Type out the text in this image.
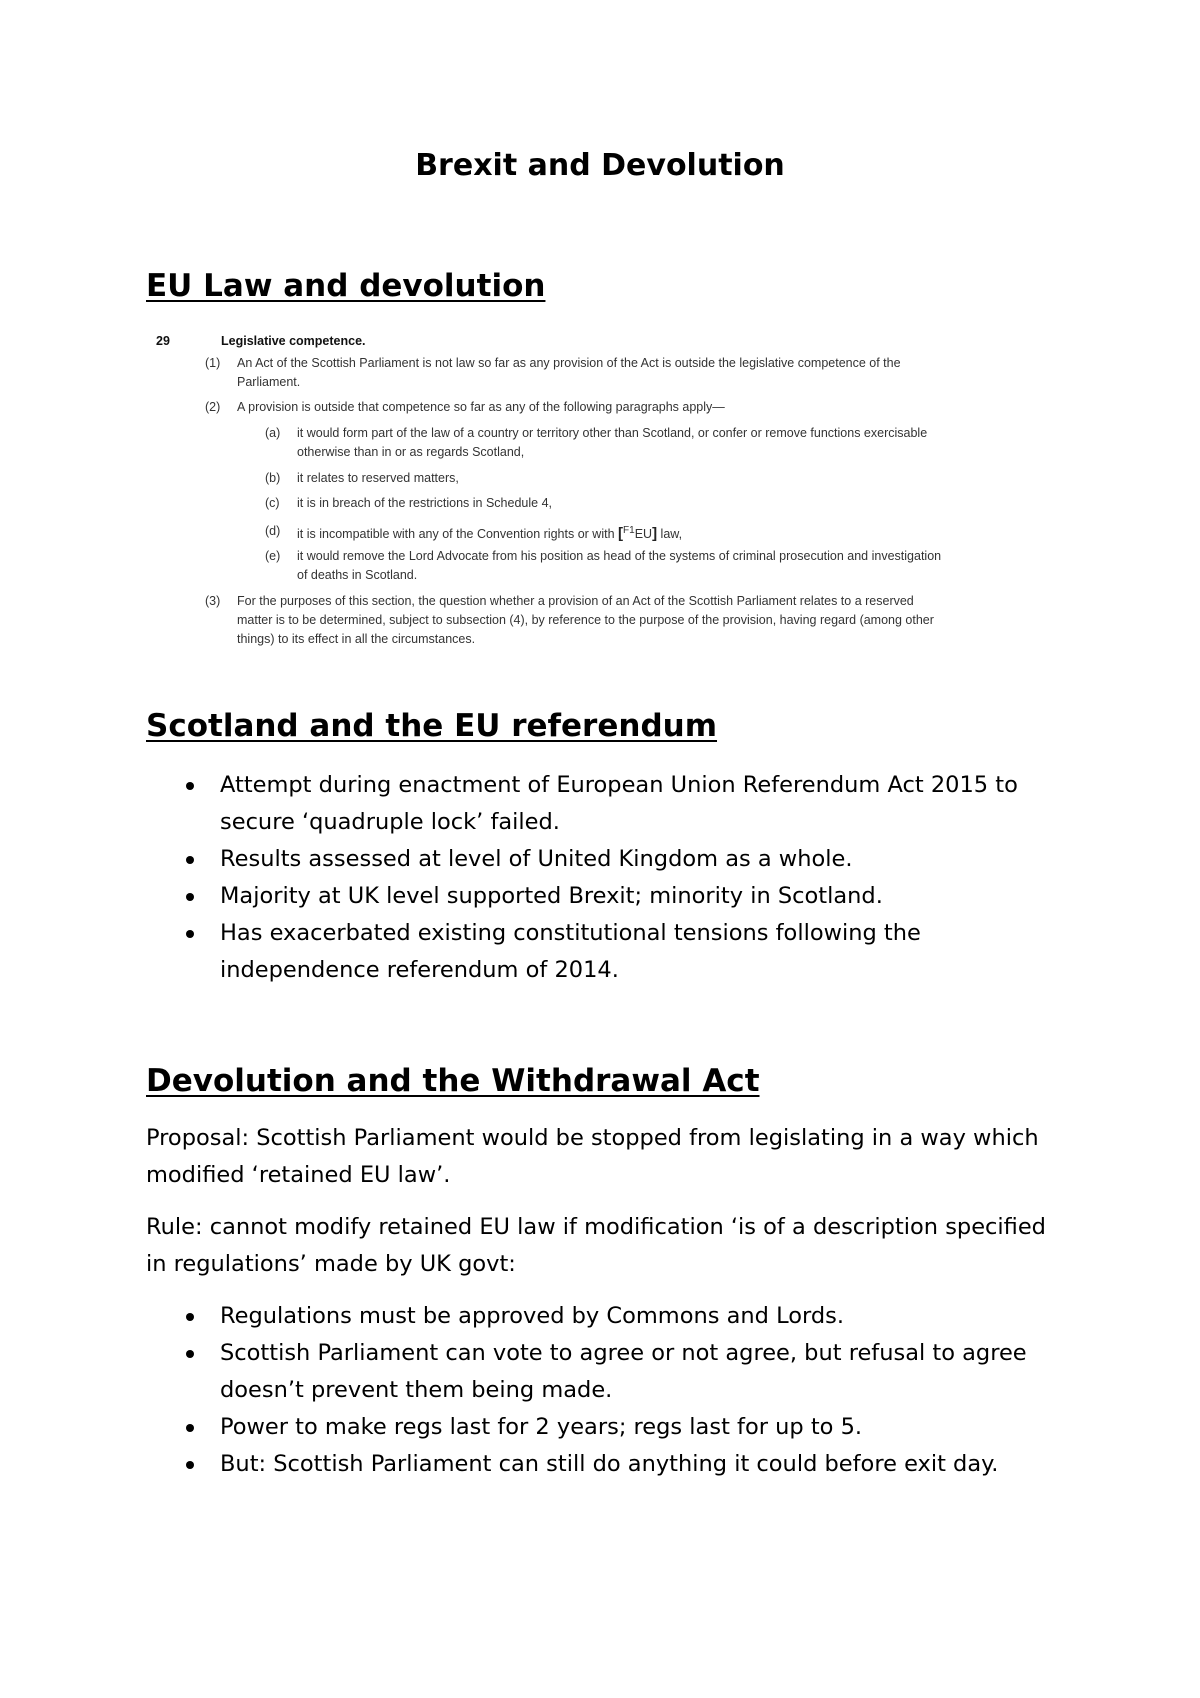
Brexit and Devolution
EU Law and devolution
29	Legislative competence.
(1) An Act of the Scottish Parliament is not law so far as any provision of the Act is outside the legislative competence of the
Parliament.
(2) A provision is outside that competence so far as any of the following paragraphs apply—
(a) it would form part of the law of a country or territory other than Scotland, or confer or remove functions exercisable
otherwise than in or as regards Scotland,
(b) it relates to reserved matters,
(c) it is in breach of the restrictions in Schedule 4,
(d) it is incompatible with any of the Convention rights or with [$^{F1}$EU] law,
(e) it would remove the Lord Advocate from his position as head of the systems of criminal prosecution and investigation
of deaths in Scotland.
(3) For the purposes of this section, the question whether a provision of an Act of the Scottish Parliament relates to a reserved
matter is to be determined, subject to subsection (4), by reference to the purpose of the provision, having regard (among other
things) to its effect in all the circumstances.
Scotland and the EU referendum
Attempt during enactment of European Union Referendum Act 2015 to
secure ‘quadruple lock’ failed.
Results assessed at level of United Kingdom as a whole.
Majority at UK level supported Brexit; minority in Scotland.
Has exacerbated existing constitutional tensions following the
independence referendum of 2014.
Devolution and the Withdrawal Act

Proposal: Scottish Parliament would be stopped from legislating in a way which
modified ‘retained EU law’.

Rule: cannot modify retained EU law if modification ‘is of a description specified
in regulations’ made by UK govt:

Regulations must be approved by Commons and Lords.
Scottish Parliament can vote to agree or not agree, but refusal to agree
doesn’t prevent them being made.
Power to make regs last for 2 years; regs last for up to 5.
But: Scottish Parliament can still do anything it could before exit day.
